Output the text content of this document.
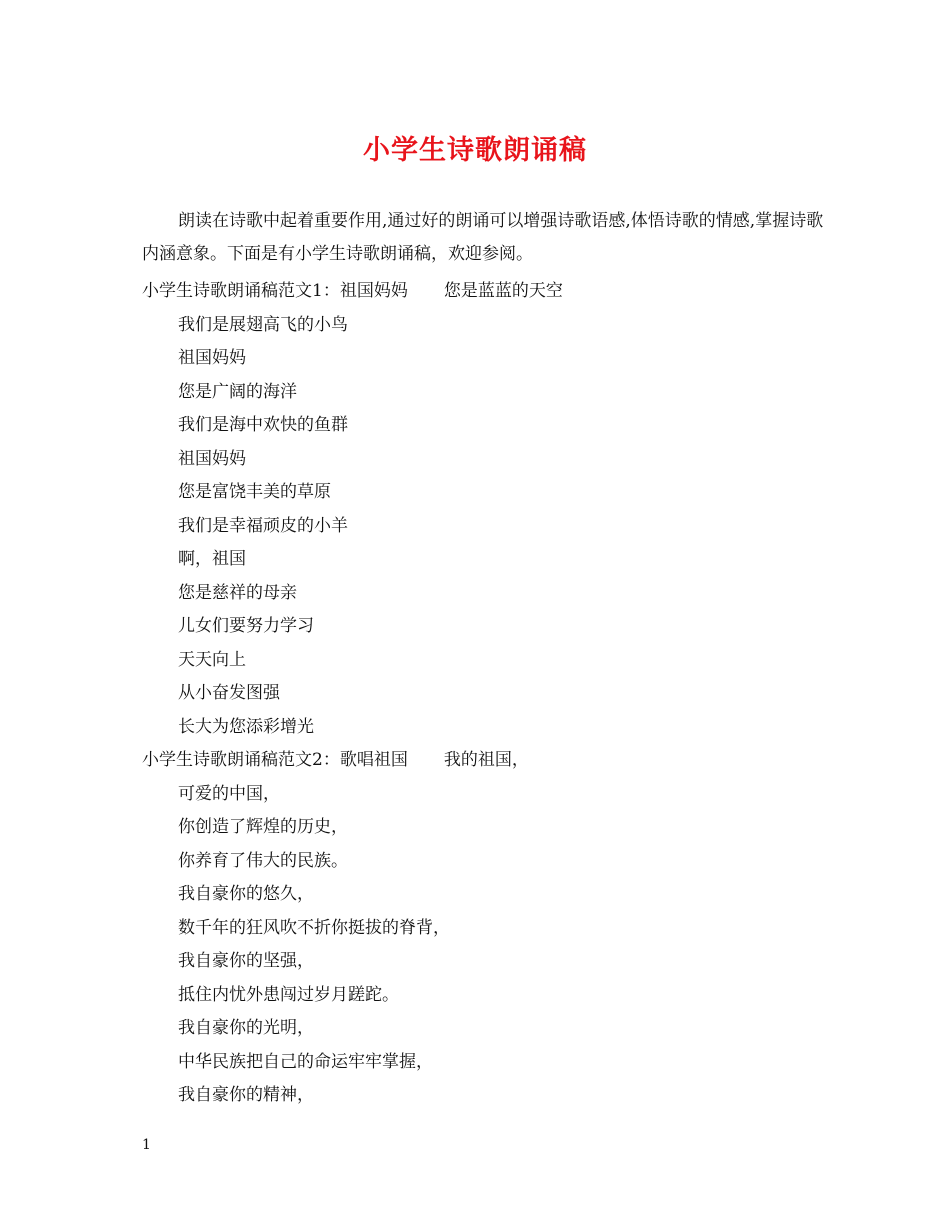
小学生诗歌朗诵稿
朗读在诗歌中起着重要作用,通过好的朗诵可以增强诗歌语感,体悟诗歌的情感,掌握诗歌内涵意象。下面是有小学生诗歌朗诵稿，欢迎参阅。
小学生诗歌朗诵稿范文1：祖国妈妈 您是蓝蓝的天空
我们是展翅高飞的小鸟
祖国妈妈
您是广阔的海洋
我们是海中欢快的鱼群
祖国妈妈
您是富饶丰美的草原
我们是幸福顽皮的小羊
啊，祖国
您是慈祥的母亲
儿女们要努力学习
天天向上
从小奋发图强
长大为您添彩增光
小学生诗歌朗诵稿范文2：歌唱祖国 我的祖国，
可爱的中国，
你创造了辉煌的历史，
你养育了伟大的民族。
我自豪你的悠久，
数千年的狂风吹不折你挺拔的脊背，
我自豪你的坚强，
抵住内忧外患闯过岁月蹉跎。
我自豪你的光明，
中华民族把自己的命运牢牢掌握，
我自豪你的精神，
1
